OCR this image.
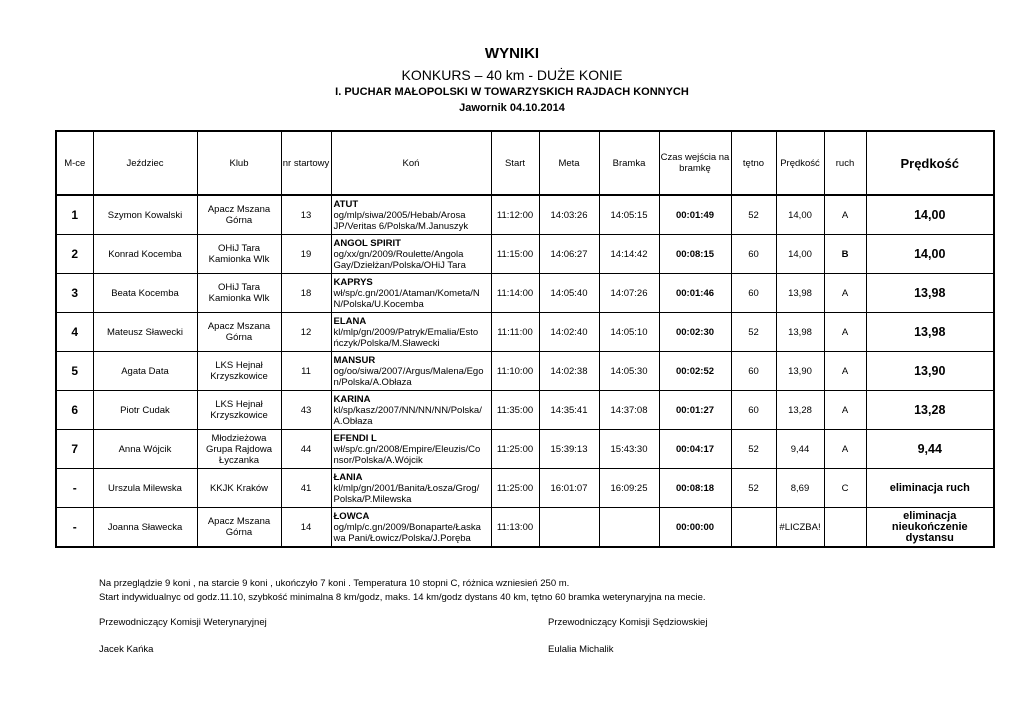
WYNIKI
KONKURS – 40 km - DUŻE KONIE
I. PUCHAR MAŁOPOLSKI W TOWARZYSKICH RAJDACH KONNYCH
Jawornik 04.10.2014
M-ce	Jeździec	Klub	nr startowy	Koń	Start	Meta	Bramka	Czas wejścia na bramkę	tętno	Prędkość	ruch	Prędkość
1	Szymon Kowalski	Apacz Mszana Górna	13	ATUT
og/mlp/siwa/2005/Hebab/Arosa JP/Veritas 6/Polska/M.Januszyk	11:12:00	14:03:26	14:05:15	00:01:49	52	14,00	A	14,00
2	Konrad Kocemba	OHiJ Tara Kamionka Wlk	19	ANGOL SPIRIT
og/xx/gn/2009/Roulette/Angola Gay/Dziełżan/Polska/OHiJ Tara	11:15:00	14:06:27	14:14:42	00:08:15	60	14,00	B	14,00
3	Beata Kocemba	OHiJ Tara Kamionka Wlk	18	KAPRYS
wł/sp/c.gn/2001/Ataman/Kometa/N N/Polska/U.Kocemba	11:14:00	14:05:40	14:07:26	00:01:46	60	13,98	A	13,98
4	Mateusz Sławecki	Apacz Mszana Górna	12	ELANA
kl/mlp/gn/2009/Patryk/Emalia/Esto ńczyk/Polska/M.Sławecki	11:11:00	14:02:40	14:05:10	00:02:30	52	13,98	A	13,98
5	Agata Data	LKS Hejnał Krzyszkowice	11	MANSUR
og/oo/siwa/2007/Argus/Malena/Ego n/Polska/A.Obłaza	11:10:00	14:02:38	14:05:30	00:02:52	60	13,90	A	13,90
6	Piotr Cudak	LKS Hejnał Krzyszkowice	43	KARINA
kl/sp/kasz/2007/NN/NN/NN/Polska/ A.Obłaza	11:35:00	14:35:41	14:37:08	00:01:27	60	13,28	A	13,28
7	Anna Wójcik	Młodzieżowa Grupa Rajdowa Łyczanka	44	EFENDI L
wł/sp/c.gn/2008/Empire/Eleuzis/Co nsor/Polska/A.Wójcik	11:25:00	15:39:13	15:43:30	00:04:17	52	9,44	A	9,44
-	Urszula Milewska	KKJK Kraków	41	ŁANIA
kl/mlp/gn/2001/Banita/Łosza/Grog/ Polska/P.Milewska	11:25:00	16:01:07	16:09:25	00:08:18	52	8,69	C	eliminacja ruch
-	Joanna Sławecka	Apacz Mszana Górna	14	ŁOWCA
og/mlp/c.gn/2009/Bonaparte/Łaska wa Pani/Łowicz/Polska/J.Poręba	11:13:00			00:00:00		#LICZBA!		eliminacja nieukończenie dystansu
Na przeglądzie 9 koni , na starcie 9 koni , ukończyło 7 koni . Temperatura 10 stopni C, różnica wzniesień 250 m.
Start indywidualnyc od godz.11.10, szybkość minimalna 8 km/godz, maks. 14 km/godz dystans 40 km, tętno 60 bramka weterynaryjna na mecie.
Przewodniczący Komisji Weterynaryjnej	Przewodniczący Komisji Sędziowskiej
Jacek Kańka	Eulalia Michalik
